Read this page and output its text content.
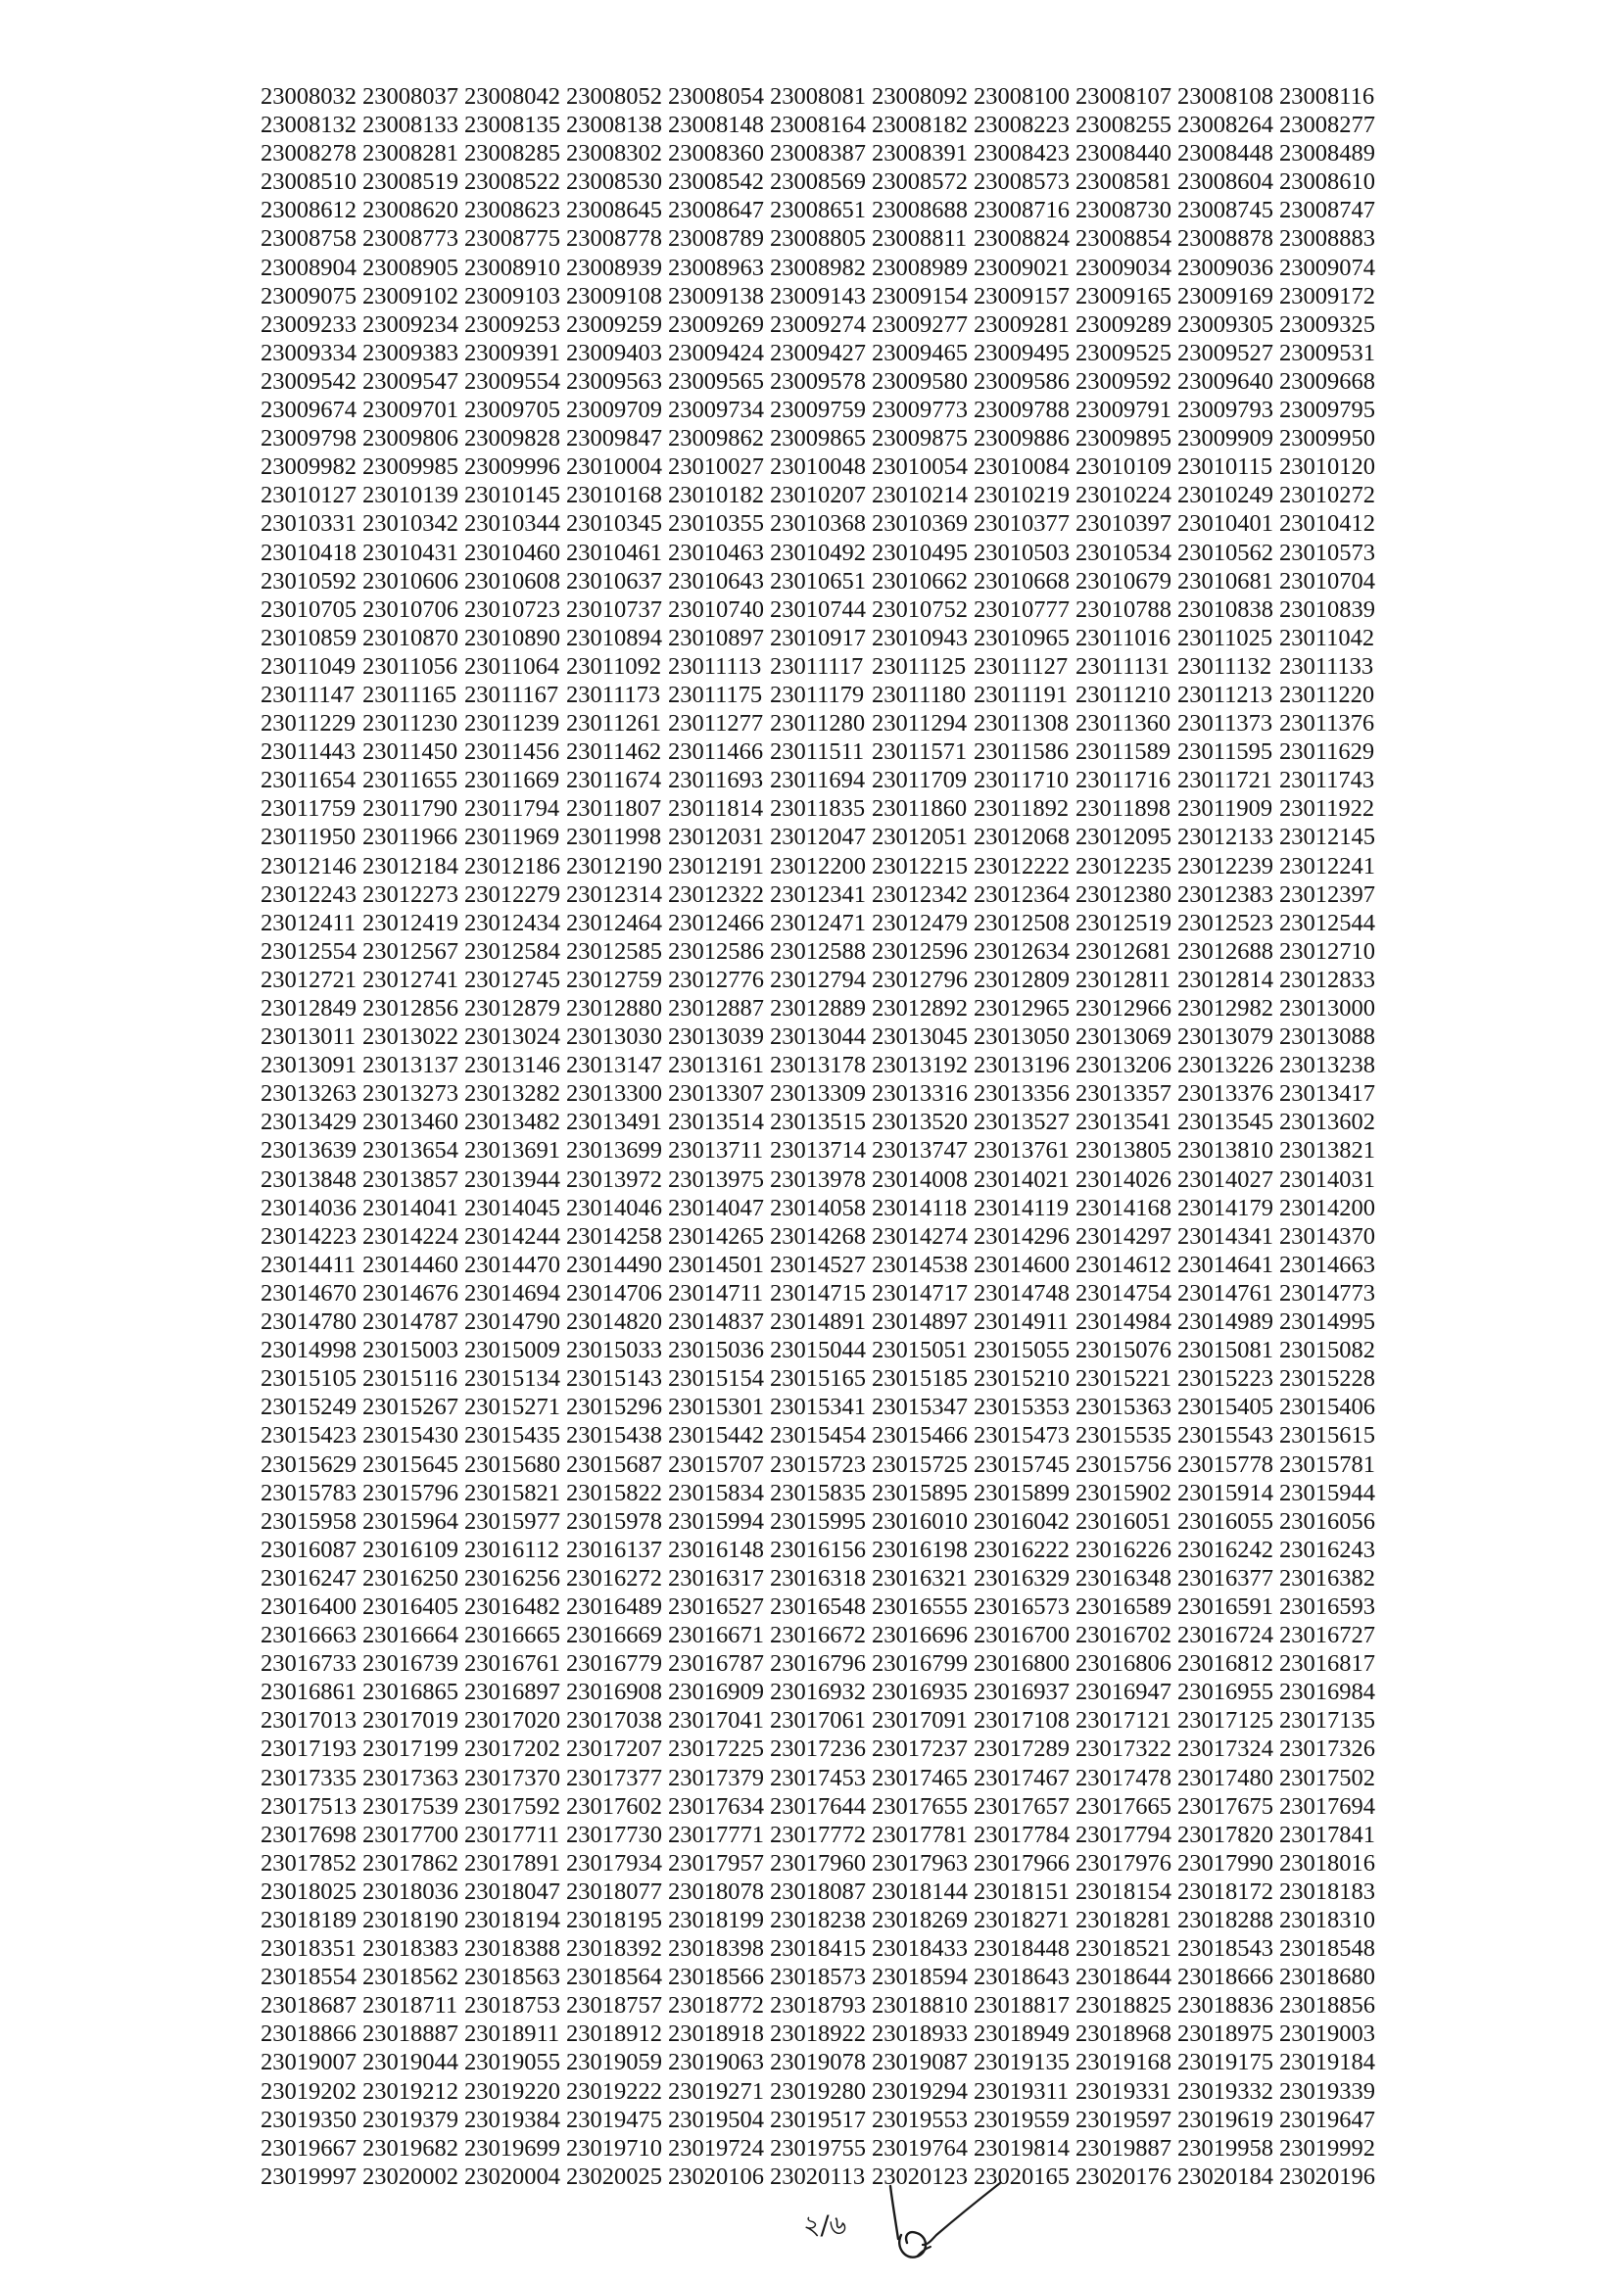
23008032 23008037 23008042 23008052 23008054 23008081 23008092 23008100 23008107 23008108 23008116
23008132 23008133 23008135 23008138 23008148 23008164 23008182 23008223 23008255 23008264 23008277
23008278 23008281 23008285 23008302 23008360 23008387 23008391 23008423 23008440 23008448 23008489
23008510 23008519 23008522 23008530 23008542 23008569 23008572 23008573 23008581 23008604 23008610
23008612 23008620 23008623 23008645 23008647 23008651 23008688 23008716 23008730 23008745 23008747
23008758 23008773 23008775 23008778 23008789 23008805 23008811 23008824 23008854 23008878 23008883
23008904 23008905 23008910 23008939 23008963 23008982 23008989 23009021 23009034 23009036 23009074
23009075 23009102 23009103 23009108 23009138 23009143 23009154 23009157 23009165 23009169 23009172
23009233 23009234 23009253 23009259 23009269 23009274 23009277 23009281 23009289 23009305 23009325
23009334 23009383 23009391 23009403 23009424 23009427 23009465 23009495 23009525 23009527 23009531
23009542 23009547 23009554 23009563 23009565 23009578 23009580 23009586 23009592 23009640 23009668
23009674 23009701 23009705 23009709 23009734 23009759 23009773 23009788 23009791 23009793 23009795
23009798 23009806 23009828 23009847 23009862 23009865 23009875 23009886 23009895 23009909 23009950
23009982 23009985 23009996 23010004 23010027 23010048 23010054 23010084 23010109 23010115 23010120
23010127 23010139 23010145 23010168 23010182 23010207 23010214 23010219 23010224 23010249 23010272
23010331 23010342 23010344 23010345 23010355 23010368 23010369 23010377 23010397 23010401 23010412
23010418 23010431 23010460 23010461 23010463 23010492 23010495 23010503 23010534 23010562 23010573
23010592 23010606 23010608 23010637 23010643 23010651 23010662 23010668 23010679 23010681 23010704
23010705 23010706 23010723 23010737 23010740 23010744 23010752 23010777 23010788 23010838 23010839
23010859 23010870 23010890 23010894 23010897 23010917 23010943 23010965 23011016 23011025 23011042
23011049 23011056 23011064 23011092 23011113 23011117 23011125 23011127 23011131 23011132 23011133
23011147 23011165 23011167 23011173 23011175 23011179 23011180 23011191 23011210 23011213 23011220
23011229 23011230 23011239 23011261 23011277 23011280 23011294 23011308 23011360 23011373 23011376
23011443 23011450 23011456 23011462 23011466 23011511 23011571 23011586 23011589 23011595 23011629
23011654 23011655 23011669 23011674 23011693 23011694 23011709 23011710 23011716 23011721 23011743
23011759 23011790 23011794 23011807 23011814 23011835 23011860 23011892 23011898 23011909 23011922
23011950 23011966 23011969 23011998 23012031 23012047 23012051 23012068 23012095 23012133 23012145
23012146 23012184 23012186 23012190 23012191 23012200 23012215 23012222 23012235 23012239 23012241
23012243 23012273 23012279 23012314 23012322 23012341 23012342 23012364 23012380 23012383 23012397
23012411 23012419 23012434 23012464 23012466 23012471 23012479 23012508 23012519 23012523 23012544
23012554 23012567 23012584 23012585 23012586 23012588 23012596 23012634 23012681 23012688 23012710
23012721 23012741 23012745 23012759 23012776 23012794 23012796 23012809 23012811 23012814 23012833
23012849 23012856 23012879 23012880 23012887 23012889 23012892 23012965 23012966 23012982 23013000
23013011 23013022 23013024 23013030 23013039 23013044 23013045 23013050 23013069 23013079 23013088
23013091 23013137 23013146 23013147 23013161 23013178 23013192 23013196 23013206 23013226 23013238
23013263 23013273 23013282 23013300 23013307 23013309 23013316 23013356 23013357 23013376 23013417
23013429 23013460 23013482 23013491 23013514 23013515 23013520 23013527 23013541 23013545 23013602
23013639 23013654 23013691 23013699 23013711 23013714 23013747 23013761 23013805 23013810 23013821
23013848 23013857 23013944 23013972 23013975 23013978 23014008 23014021 23014026 23014027 23014031
23014036 23014041 23014045 23014046 23014047 23014058 23014118 23014119 23014168 23014179 23014200
23014223 23014224 23014244 23014258 23014265 23014268 23014274 23014296 23014297 23014341 23014370
23014411 23014460 23014470 23014490 23014501 23014527 23014538 23014600 23014612 23014641 23014663
23014670 23014676 23014694 23014706 23014711 23014715 23014717 23014748 23014754 23014761 23014773
23014780 23014787 23014790 23014820 23014837 23014891 23014897 23014911 23014984 23014989 23014995
23014998 23015003 23015009 23015033 23015036 23015044 23015051 23015055 23015076 23015081 23015082
23015105 23015116 23015134 23015143 23015154 23015165 23015185 23015210 23015221 23015223 23015228
23015249 23015267 23015271 23015296 23015301 23015341 23015347 23015353 23015363 23015405 23015406
23015423 23015430 23015435 23015438 23015442 23015454 23015466 23015473 23015535 23015543 23015615
23015629 23015645 23015680 23015687 23015707 23015723 23015725 23015745 23015756 23015778 23015781
23015783 23015796 23015821 23015822 23015834 23015835 23015895 23015899 23015902 23015914 23015944
23015958 23015964 23015977 23015978 23015994 23015995 23016010 23016042 23016051 23016055 23016056
23016087 23016109 23016112 23016137 23016148 23016156 23016198 23016222 23016226 23016242 23016243
23016247 23016250 23016256 23016272 23016317 23016318 23016321 23016329 23016348 23016377 23016382
23016400 23016405 23016482 23016489 23016527 23016548 23016555 23016573 23016589 23016591 23016593
23016663 23016664 23016665 23016669 23016671 23016672 23016696 23016700 23016702 23016724 23016727
23016733 23016739 23016761 23016779 23016787 23016796 23016799 23016800 23016806 23016812 23016817
23016861 23016865 23016897 23016908 23016909 23016932 23016935 23016937 23016947 23016955 23016984
23017013 23017019 23017020 23017038 23017041 23017061 23017091 23017108 23017121 23017125 23017135
23017193 23017199 23017202 23017207 23017225 23017236 23017237 23017289 23017322 23017324 23017326
23017335 23017363 23017370 23017377 23017379 23017453 23017465 23017467 23017478 23017480 23017502
23017513 23017539 23017592 23017602 23017634 23017644 23017655 23017657 23017665 23017675 23017694
23017698 23017700 23017711 23017730 23017771 23017772 23017781 23017784 23017794 23017820 23017841
23017852 23017862 23017891 23017934 23017957 23017960 23017963 23017966 23017976 23017990 23018016
23018025 23018036 23018047 23018077 23018078 23018087 23018144 23018151 23018154 23018172 23018183
23018189 23018190 23018194 23018195 23018199 23018238 23018269 23018271 23018281 23018288 23018310
23018351 23018383 23018388 23018392 23018398 23018415 23018433 23018448 23018521 23018543 23018548
23018554 23018562 23018563 23018564 23018566 23018573 23018594 23018643 23018644 23018666 23018680
23018687 23018711 23018753 23018757 23018772 23018793 23018810 23018817 23018825 23018836 23018856
23018866 23018887 23018911 23018912 23018918 23018922 23018933 23018949 23018968 23018975 23019003
23019007 23019044 23019055 23019059 23019063 23019078 23019087 23019135 23019168 23019175 23019184
23019202 23019212 23019220 23019222 23019271 23019280 23019294 23019311 23019331 23019332 23019339
23019350 23019379 23019384 23019475 23019504 23019517 23019553 23019559 23019597 23019619 23019647
23019667 23019682 23019699 23019710 23019724 23019755 23019764 23019814 23019887 23019958 23019992
23019997 23020002 23020004 23020025 23020106 23020113 23020123 23020165 23020176 23020184 23020196
২/৬
